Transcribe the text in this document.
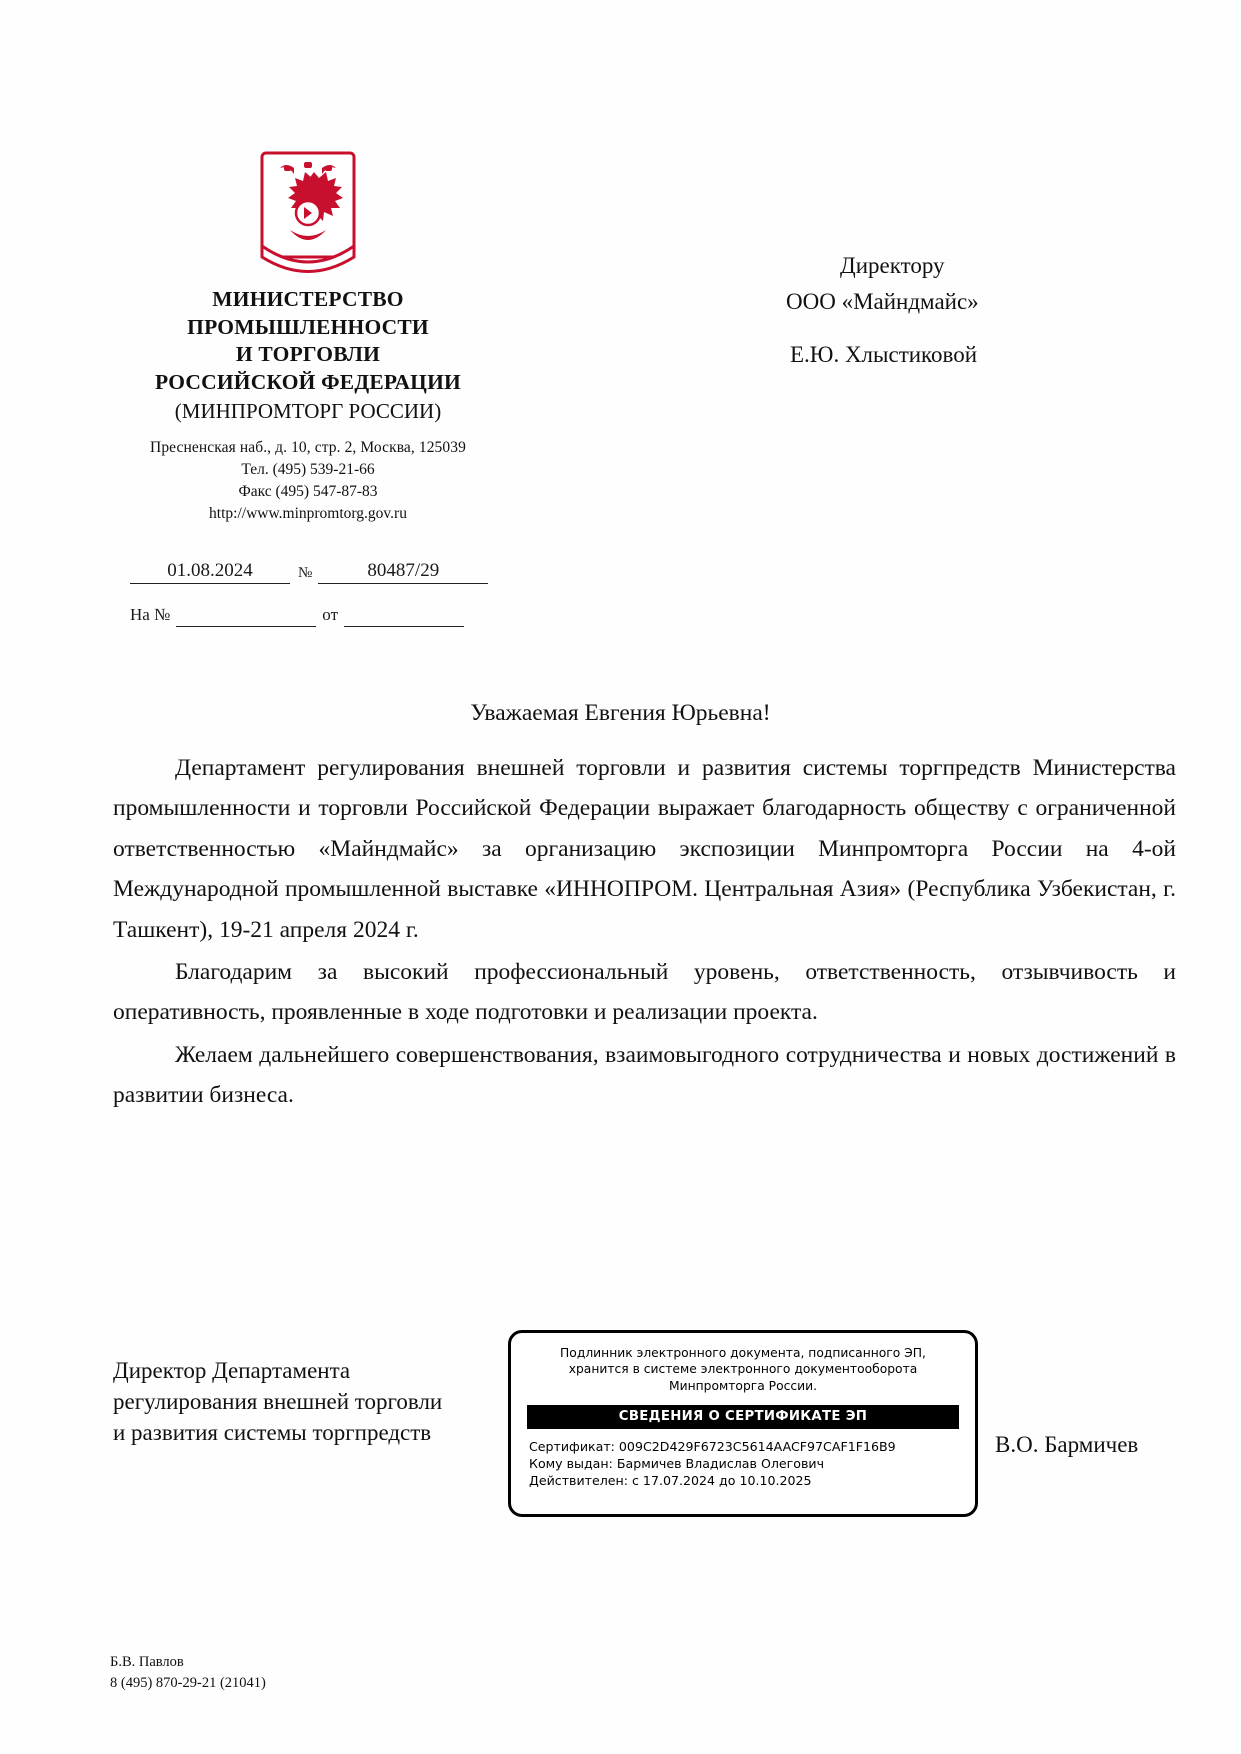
МИНИСТЕРСТВО
ПРОМЫШЛЕННОСТИ
И ТОРГОВЛИ
РОССИЙСКОЙ ФЕДЕРАЦИИ
(МИНПРОМТОРГ РОССИИ)
Пресненская наб., д. 10, стр. 2, Москва, 125039
Тел. (495) 539-21-66
Факс (495) 547-87-83
http://www.minpromtorg.gov.ru
01.08.2024	№	80487/29
На №	от
Директору
ООО «Майндмайс»
Е.Ю. Хлыстиковой
Уважаемая Евгения Юрьевна!

Департамент регулирования внешней торговли и развития системы торгпредств Министерства промышленности и торговли Российской Федерации выражает благодарность обществу с ограниченной ответственностью «Майндмайс» за организацию экспозиции Минпромторга России на 4-ой Международной промышленной выставке «ИННОПРОМ. Центральная Азия» (Республика Узбекистан, г. Ташкент), 19-21 апреля 2024 г.

Благодарим за высокий профессиональный уровень, ответственность, отзывчивость и оперативность, проявленные в ходе подготовки и реализации проекта.

Желаем дальнейшего совершенствования, взаимовыгодного сотрудничества и новых достижений в развитии бизнеса.

Директор Департамента
регулирования внешней торговли
и развития системы торгпредств	В.О. Бармичев
Подлинник электронного документа, подписанного ЭП,
хранится в системе электронного документооборота
Минпромторга России.
СВЕДЕНИЯ О СЕРТИФИКАТЕ ЭП
Сертификат: 009C2D429F6723C5614AACF97CAF1F16B9
Кому выдан: Бармичев Владислав Олегович
Действителен: с 17.07.2024 до 10.10.2025
Б.В. Павлов
8 (495) 870-29-21 (21041)
